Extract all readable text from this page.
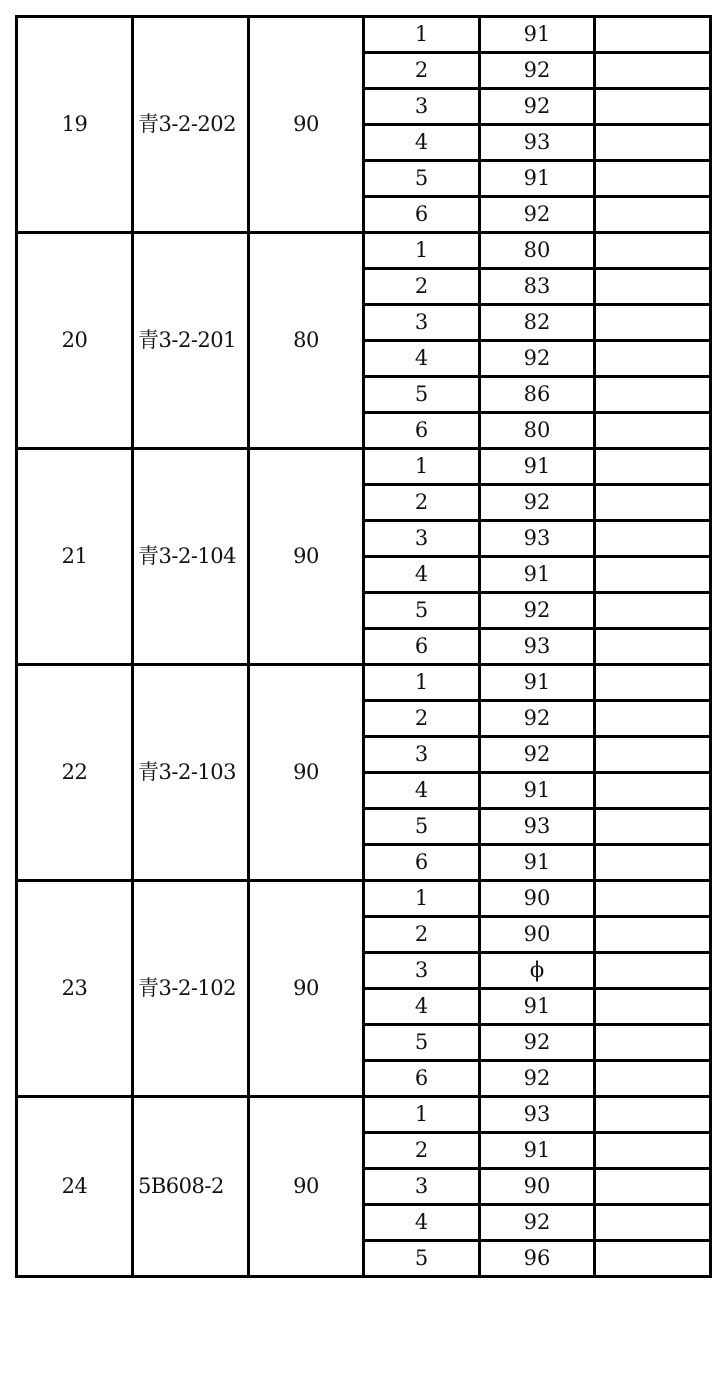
19	青3-2-202	90	1	91	
			2	92	
			3	92	
			4	93	
			5	91	
			6	92	
20	青3-2-201	80	1	80	
			2	83	
			3	82	
			4	92	
			5	86	
			6	80	
21	青3-2-104	90	1	91	
			2	92	
			3	93	
			4	91	
			5	92	
			6	93	
22	青3-2-103	90	1	91	
			2	92	
			3	92	
			4	91	
			5	93	
			6	91	
23	青3-2-102	90	1	90	
			2	90	
			3	ϕ	
			4	91	
			5	92	
			6	92	
24	5B608-2	90	1	93	
			2	91	
			3	90	
			4	92	
			5	96	
